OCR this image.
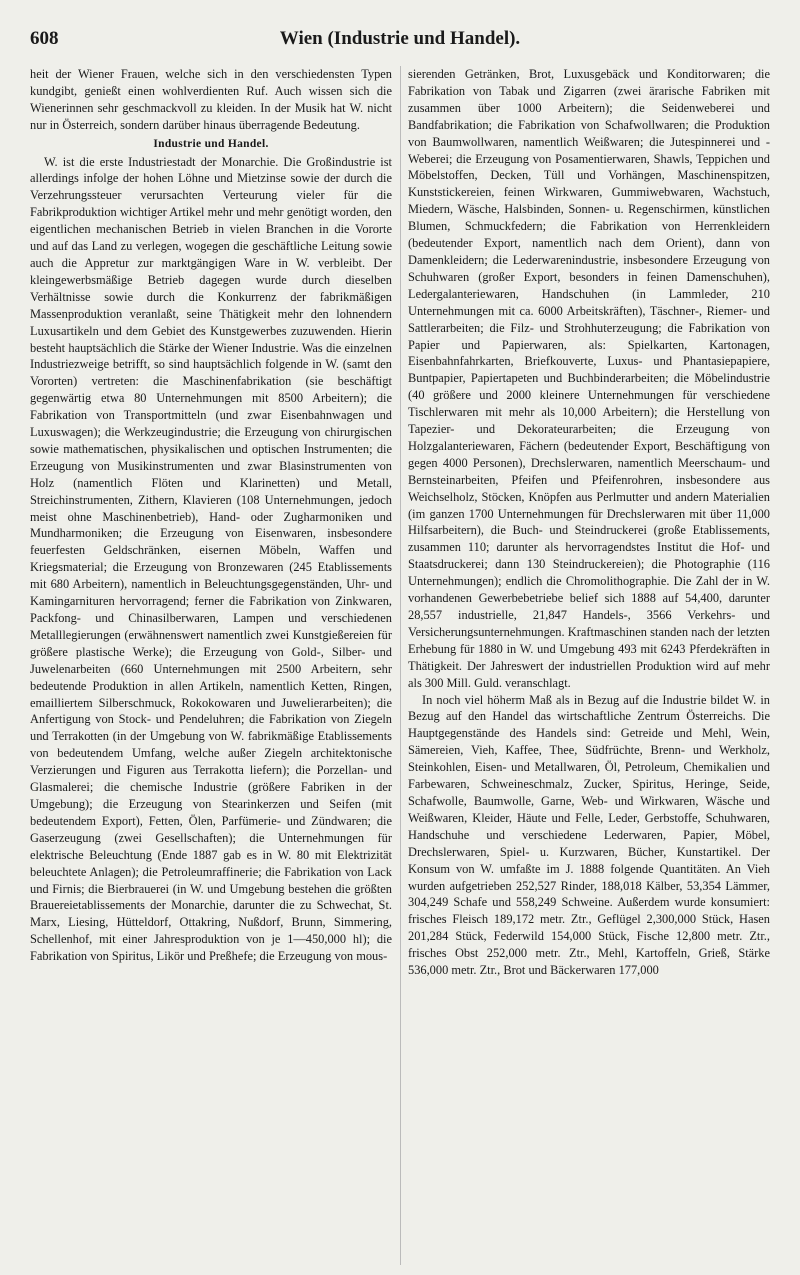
608	Wien (Industrie und Handel).

heit der Wiener Frauen, welche sich in den verschiedensten Typen kundgibt, genießt einen wohlverdienten Ruf. Auch wissen sich die Wienerinnen sehr geschmackvoll zu kleiden. In der Musik hat W. nicht nur in Österreich, sondern darüber hinaus überragende Bedeutung.

Industrie und Handel.

W. ist die erste Industriestadt der Monarchie. Die Großindustrie ist allerdings infolge der hohen Löhne und Mietzinse sowie der durch die Verzehrungssteuer verursachten Verteurung vieler für die Fabrikproduktion wichtiger Artikel mehr und mehr genötigt worden, den eigentlichen mechanischen Betrieb in vielen Branchen in die Vororte und auf das Land zu verlegen, wogegen die geschäftliche Leitung sowie auch die Appretur zur marktgängigen Ware in W. verbleibt. Der kleingewerbsmäßige Betrieb dagegen wurde durch dieselben Verhältnisse sowie durch die Konkurrenz der fabrikmäßigen Massenproduktion veranlaßt, seine Thätigkeit mehr den lohnendern Luxusartikeln und dem Gebiet des Kunstgewerbes zuzuwenden. Hierin besteht hauptsächlich die Stärke der Wiener Industrie. Was die einzelnen Industriezweige betrifft, so sind hauptsächlich folgende in W. (samt den Vororten) vertreten: die Maschinenfabrikation (sie beschäftigt gegenwärtig etwa 80 Unternehmungen mit 8500 Arbeitern); die Fabrikation von Transportmitteln (und zwar Eisenbahnwagen und Luxuswagen); die Werkzeugindustrie; die Erzeugung von chirurgischen sowie mathematischen, physikalischen und optischen Instrumenten; die Erzeugung von Musikinstrumenten und zwar Blasinstrumenten von Holz (namentlich Flöten und Klarinetten) und Metall, Streichinstrumenten, Zithern, Klavieren (108 Unternehmungen, jedoch meist ohne Maschinenbetrieb), Hand- oder Zugharmoniken und Mundharmoniken; die Erzeugung von Eisenwaren, insbesondere feuerfesten Geldschränken, eisernen Möbeln, Waffen und Kriegsmaterial; die Erzeugung von Bronzewaren (245 Etablissements mit 680 Arbeitern), namentlich in Beleuchtungsgegenständen, Uhr- und Kamingarnituren hervorragend; ferner die Fabrikation von Zinkwaren, Packfong- und Chinasilberwaren, Lampen und verschiedenen Metalllegierungen (erwähnenswert namentlich zwei Kunstgießereien für größere plastische Werke); die Erzeugung von Gold-, Silber- und Juwelenarbeiten (660 Unternehmungen mit 2500 Arbeitern, sehr bedeutende Produktion in allen Artikeln, namentlich Ketten, Ringen, emailliertem Silberschmuck, Rokokowaren und Juwelierarbeiten); die Anfertigung von Stock- und Pendeluhren; die Fabrikation von Ziegeln und Terrakotten (in der Umgebung von W. fabrikmäßige Etablissements von bedeutendem Umfang, welche außer Ziegeln architektonische Verzierungen und Figuren aus Terrakotta liefern); die Porzellan- und Glasmalerei; die chemische Industrie (größere Fabriken in der Umgebung); die Erzeugung von Stearinkerzen und Seifen (mit bedeutendem Export), Fetten, Ölen, Parfümerie- und Zündwaren; die Gaserzeugung (zwei Gesellschaften); die Unternehmungen für elektrische Beleuchtung (Ende 1887 gab es in W. 80 mit Elektrizität beleuchtete Anlagen); die Petroleumraffinerie; die Fabrikation von Lack und Firnis; die Bierbrauerei (in W. und Umgebung bestehen die größten Brauereietablissements der Monarchie, darunter die zu Schwechat, St. Marx, Liesing, Hütteldorf, Ottakring, Nußdorf, Brunn, Simmering, Schellenhof, mit einer Jahresproduktion von je 1—450,000 hl); die Fabrikation von Spiritus, Likör und Preßhefe; die Erzeugung von mous-

sierenden Getränken, Brot, Luxusgebäck und Konditorwaren; die Fabrikation von Tabak und Zigarren (zwei ärarische Fabriken mit zusammen über 1000 Arbeitern); die Seidenweberei und Bandfabrikation; die Fabrikation von Schafwollwaren; die Produktion von Baumwollwaren, namentlich Weißwaren; die Jutespinnerei und -Weberei; die Erzeugung von Posamentierwaren, Shawls, Teppichen und Möbelstoffen, Decken, Tüll und Vorhängen, Maschinenspitzen, Kunststickereien, feinen Wirkwaren, Gummiwebwaren, Wachstuch, Miedern, Wäsche, Halsbinden, Sonnen- u. Regenschirmen, künstlichen Blumen, Schmuckfedern; die Fabrikation von Herrenkleidern (bedeutender Export, namentlich nach dem Orient), dann von Damenkleidern; die Lederwarenindustrie, insbesondere Erzeugung von Schuhwaren (großer Export, besonders in feinen Damenschuhen), Ledergalanteriewaren, Handschuhen (in Lammleder, 210 Unternehmungen mit ca. 6000 Arbeitskräften), Täschner-, Riemer- und Sattlerarbeiten; die Filz- und Strohhuterzeugung; die Fabrikation von Papier und Papierwaren, als: Spielkarten, Kartonagen, Eisenbahnfahrkarten, Briefkouverte, Luxus- und Phantasiepapiere, Buntpapier, Papiertapeten und Buchbinderarbeiten; die Möbelindustrie (40 größere und 2000 kleinere Unternehmungen für verschiedene Tischlerwaren mit mehr als 10,000 Arbeitern); die Herstellung von Tapezier- und Dekorateurarbeiten; die Erzeugung von Holzgalanteriewaren, Fächern (bedeutender Export, Beschäftigung von gegen 4000 Personen), Drechslerwaren, namentlich Meerschaum- und Bernsteinarbeiten, Pfeifen und Pfeifenrohren, insbesondere aus Weichselholz, Stöcken, Knöpfen aus Perlmutter und andern Materialien (im ganzen 1700 Unternehmungen für Drechslerwaren mit über 11,000 Hilfsarbeitern), die Buch- und Steindruckerei (große Etablissements, zusammen 110; darunter als hervorragendstes Institut die Hof- und Staatsdruckerei; dann 130 Steindruckereien); die Photographie (116 Unternehmungen); endlich die Chromolithographie. Die Zahl der in W. vorhandenen Gewerbebetriebe belief sich 1888 auf 54,400, darunter 28,557 industrielle, 21,847 Handels-, 3566 Verkehrs- und Versicherungsunternehmungen. Kraftmaschinen standen nach der letzten Erhebung für 1880 in W. und Umgebung 493 mit 6243 Pferdekräften in Thätigkeit. Der Jahreswert der industriellen Produktion wird auf mehr als 300 Mill. Guld. veranschlagt.

In noch viel höherm Maß als in Bezug auf die Industrie bildet W. in Bezug auf den Handel das wirtschaftliche Zentrum Österreichs. Die Hauptgegenstände des Handels sind: Getreide und Mehl, Wein, Sämereien, Vieh, Kaffee, Thee, Südfrüchte, Brenn- und Werkholz, Steinkohlen, Eisen- und Metallwaren, Öl, Petroleum, Chemikalien und Farbewaren, Schweineschmalz, Zucker, Spiritus, Heringe, Seide, Schafwolle, Baumwolle, Garne, Web- und Wirkwaren, Wäsche und Weißwaren, Kleider, Häute und Felle, Leder, Gerbstoffe, Schuhwaren, Handschuhe und verschiedene Lederwaren, Papier, Möbel, Drechslerwaren, Spiel- u. Kurzwaren, Bücher, Kunstartikel. Der Konsum von W. umfaßte im J. 1888 folgende Quantitäten. An Vieh wurden aufgetrieben 252,527 Rinder, 188,018 Kälber, 53,354 Lämmer, 304,249 Schafe und 558,249 Schweine. Außerdem wurde konsumiert: frisches Fleisch 189,172 metr. Ztr., Geflügel 2,300,000 Stück, Hasen 201,284 Stück, Federwild 154,000 Stück, Fische 12,800 metr. Ztr., frisches Obst 252,000 metr. Ztr., Mehl, Kartoffeln, Grieß, Stärke 536,000 metr. Ztr., Brot und Bäckerwaren 177,000
